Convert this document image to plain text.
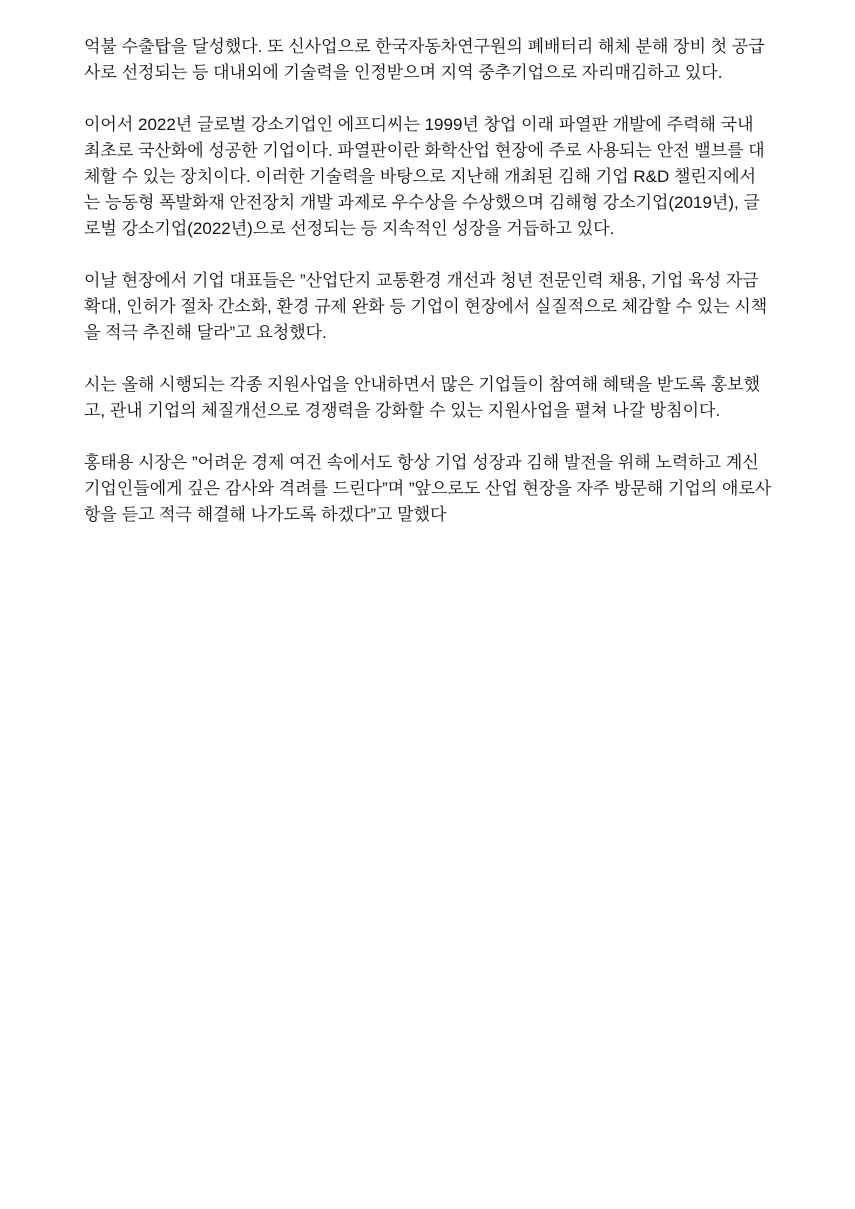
억불 수출탑을 달성했다. 또 신사업으로 한국자동차연구원의 폐배터리 해체 분해 장비 첫 공급사로 선정되는 등 대내외에 기술력을 인정받으며 지역 중추기업으로 자리매김하고 있다.

이어서 2022년 글로벌 강소기업인 에프디씨는 1999년 창업 이래 파열판 개발에 주력해 국내 최초로 국산화에 성공한 기업이다. 파열판이란 화학산업 현장에 주로 사용되는 안전 밸브를 대체할 수 있는 장치이다. 이러한 기술력을 바탕으로 지난해 개최된 김해 기업 R&D 챌린지에서는 능동형 폭발화재 안전장치 개발 과제로 우수상을 수상했으며 김해형 강소기업(2019년), 글로벌 강소기업(2022년)으로 선정되는 등 지속적인 성장을 거듭하고 있다.

이날 현장에서 기업 대표들은 ”산업단지 교통환경 개선과 청년 전문인력 채용, 기업 육성 자금 확대, 인허가 절차 간소화, 환경 규제 완화 등 기업이 현장에서 실질적으로 체감할 수 있는 시책을 적극 추진해 달라”고 요청했다.

시는 올해 시행되는 각종 지원사업을 안내하면서 많은 기업들이 참여해 혜택을 받도록 홍보했고, 관내 기업의 체질개선으로 경쟁력을 강화할 수 있는 지원사업을 펼쳐 나갈 방침이다.

홍태용 시장은 ”어려운 경제 여건 속에서도 항상 기업 성장과 김해 발전을 위해 노력하고 계신 기업인들에게 깊은 감사와 격려를 드린다”며 ”앞으로도 산업 현장을 자주 방문해 기업의 애로사항을 듣고 적극 해결해 나가도록 하겠다”고 말했다
